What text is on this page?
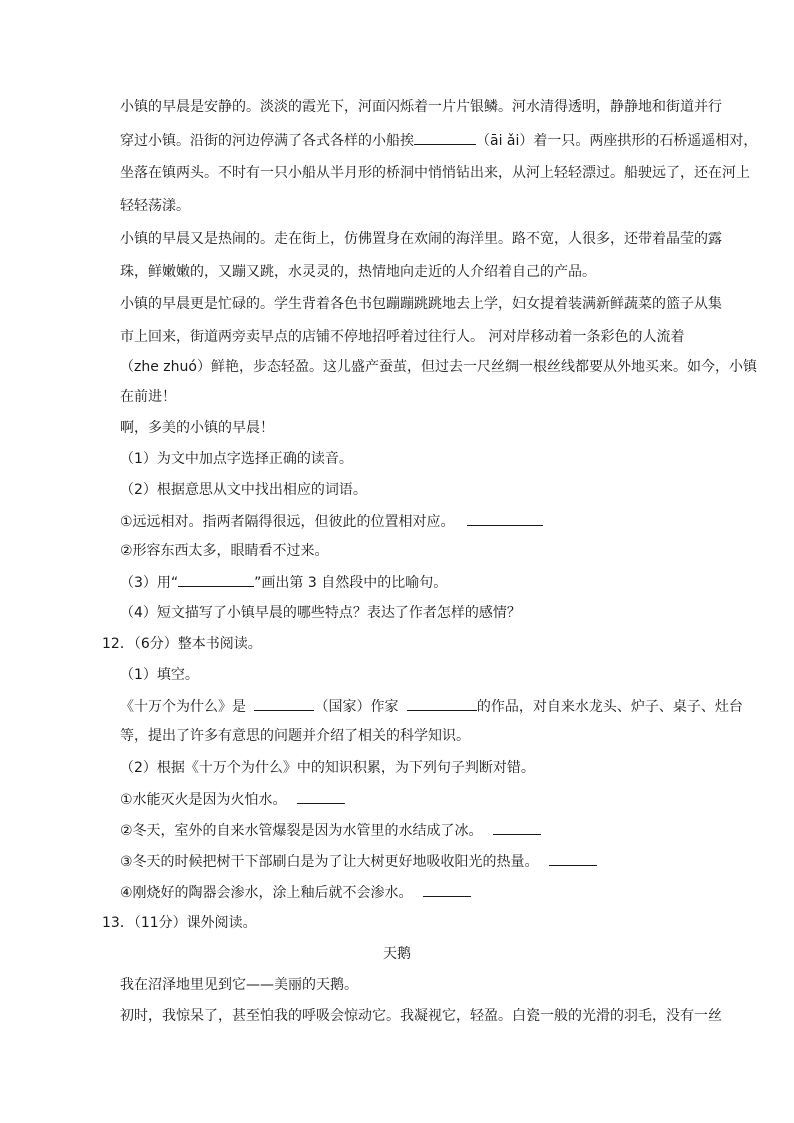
小镇的早晨是安静的。淡淡的霞光下，河面闪烁着一片片银鳞。河水清得透明，静静地和街道并行
穿过小镇。沿街的河边停满了各式各样的小船挨	（āi ǎi）着一只。两座拱形的石桥遥遥相对，
坐落在镇两头。不时有一只小船从半月形的桥洞中悄悄钻出来，从河上轻轻漂过。船驶远了，还在河上
轻轻荡漾。
小镇的早晨又是热闹的。走在街上，仿佛置身在欢闹的海洋里。路不宽，人很多，还带着晶莹的露
珠，鲜嫩嫩的，又蹦又跳，水灵灵的，热情地向走近的人介绍着自己的产品。
小镇的早晨更是忙碌的。学生背着各色书包蹦蹦跳跳地去上学，妇女提着装满新鲜蔬菜的篮子从集
市上回来，街道两旁卖早点的店铺不停地招呼着过往行人。 河对岸移动着一条彩色的人流着
（zhe zhuó）鲜艳，步态轻盈。这儿盛产蚕茧，但过去一尺丝绸一根丝线都要从外地买来。如今，小镇
在前进！
啊，多美的小镇的早晨！
（1）为文中加点字选择正确的读音。
（2）根据意思从文中找出相应的词语。
①远远相对。指两者隔得很远，但彼此的位置相对应。
②形容东西太多，眼睛看不过来。
（3）用“	”画出第 3 自然段中的比喻句。
（4）短文描写了小镇早晨的哪些特点？表达了作者怎样的感情？
12．（6分）整本书阅读。
（1）填空。
《十万个为什么》是	（国家）作家	的作品，对自来水龙头、炉子、桌子、灶台
等，提出了许多有意思的问题并介绍了相关的科学知识。
（2）根据《十万个为什么》中的知识积累，为下列句子判断对错。
①水能灭火是因为火怕水。
②冬天，室外的自来水管爆裂是因为水管里的水结成了冰。
③冬天的时候把树干下部刷白是为了让大树更好地吸收阳光的热量。
④刚烧好的陶器会渗水，涂上釉后就不会渗水。
13．（11分）课外阅读。
天鹅
我在沼泽地里见到它——美丽的天鹅。
初时，我惊呆了，甚至怕我的呼吸会惊动它。我凝视它，轻盈。白瓷一般的光滑的羽毛，没有一丝
